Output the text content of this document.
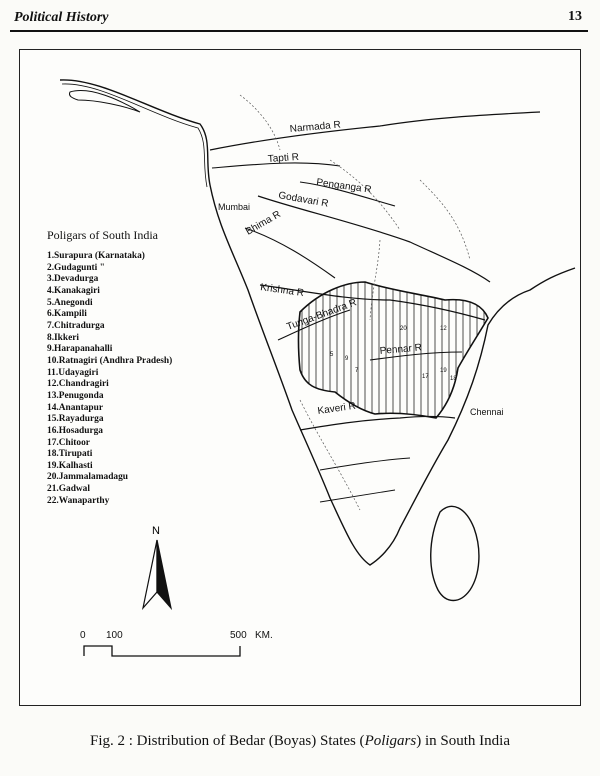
Political History	13
5
9
7
17
19
18
12
20
Narmada R
Tapti R
Penganga R
Godavari R
Bhima R
Krishna R
Tunga-Bhadra R
Pennar R
Kaveri R
Mumbai
Chennai
N
0 100	500 KM.
Poligars of South India
1.Surapura (Karnataka)
2.Gudagunti "
3.Devadurga
4.Kanakagiri
5.Anegondi
6.Kampili
7.Chitradurga
8.Ikkeri
9.Harapanahalli
10.Ratnagiri (Andhra Pradesh)
11.Udayagiri
12.Chandragiri
13.Penugonda
14.Anantapur
15.Rayadurga
16.Hosadurga
17.Chitoor
18.Tirupati
19.Kalhasti
20.Jammalamadagu
21.Gadwal
22.Wanaparthy
Fig. 2 : Distribution of Bedar (Boyas) States (Poligars) in South India
